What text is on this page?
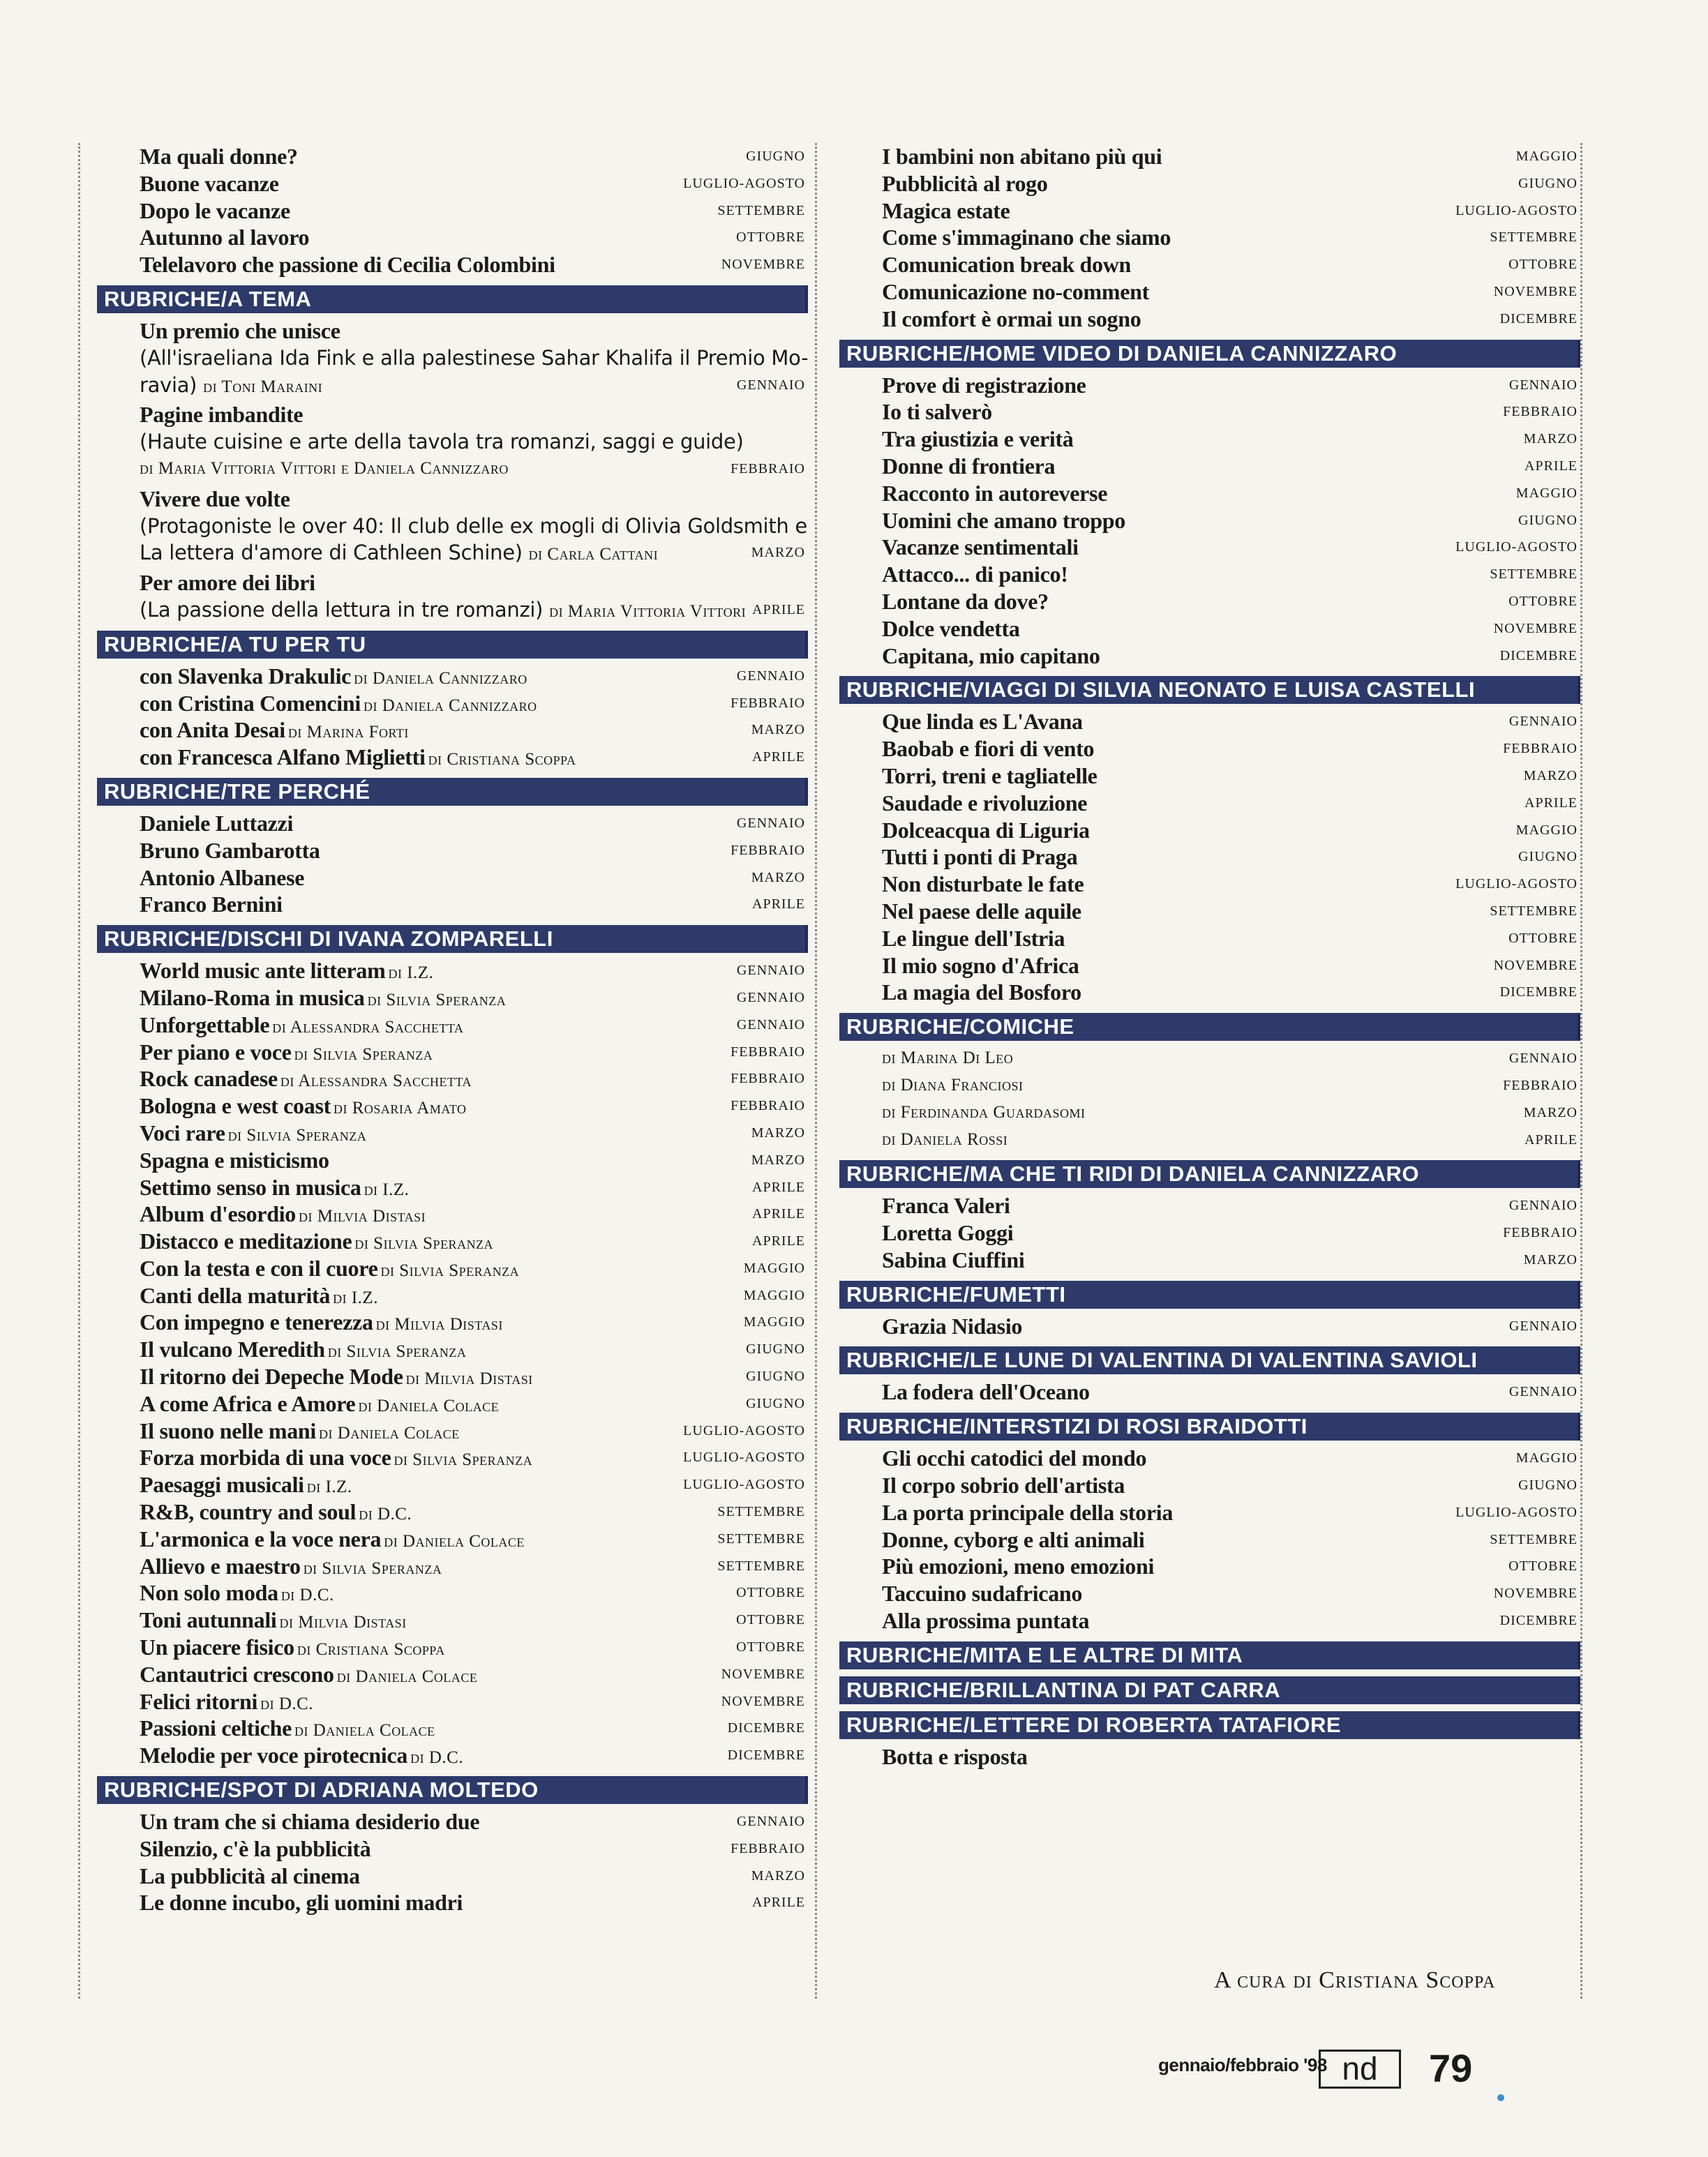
Ma quali donne?	GIUGNO
Buone vacanze	LUGLIO-AGOSTO
Dopo le vacanze	SETTEMBRE
Autunno al lavoro	OTTOBRE
Telelavoro che passione di Cecilia Colombini	NOVEMBRE
RUBRICHE/A TEMA
Un premio che unisce
(All'israeliana Ida Fink e alla palestinese Sahar Khalifa il Premio Mo-
ravia) di Toni Maraini	GENNAIO
Pagine imbandite
(Haute cuisine e arte della tavola tra romanzi, saggi e guide)
di Maria Vittoria Vittori e Daniela Cannizzaro	FEBBRAIO
Vivere due volte
(Protagoniste le over 40: Il club delle ex mogli di Olivia Goldsmith e
La lettera d'amore di Cathleen Schine) di Carla Cattani	MARZO
Per amore dei libri
(La passione della lettura in tre romanzi) di Maria Vittoria Vittori APRILE
RUBRICHE/A TU PER TU
con Slavenka Drakulic di Daniela Cannizzaro	GENNAIO
con Cristina Comencini di Daniela Cannizzaro	FEBBRAIO
con Anita Desai di Marina Forti	MARZO
con Francesca Alfano Miglietti di Cristiana Scoppa	APRILE
RUBRICHE/TRE PERCHÉ
Daniele Luttazzi	GENNAIO
Bruno Gambarotta	FEBBRAIO
Antonio Albanese	MARZO
Franco Bernini	APRILE
RUBRICHE/DISCHI DI IVANA ZOMPARELLI
World music ante litteram di I.Z.	GENNAIO
Milano-Roma in musica di Silvia Speranza	GENNAIO
Unforgettable di Alessandra Sacchetta	GENNAIO
Per piano e voce di Silvia Speranza	FEBBRAIO
Rock canadese di Alessandra Sacchetta	FEBBRAIO
Bologna e west coast di Rosaria Amato	FEBBRAIO
Voci rare di Silvia Speranza	MARZO
Spagna e misticismo	MARZO
Settimo senso in musica di I.Z.	APRILE
Album d'esordio di Milvia Distasi	APRILE
Distacco e meditazione di Silvia Speranza	APRILE
Con la testa e con il cuore di Silvia Speranza	MAGGIO
Canti della maturità di I.Z.	MAGGIO
Con impegno e tenerezza di Milvia Distasi	MAGGIO
Il vulcano Meredith di Silvia Speranza	GIUGNO
Il ritorno dei Depeche Mode di Milvia Distasi	GIUGNO
A come Africa e Amore di Daniela Colace	GIUGNO
Il suono nelle mani di Daniela Colace	LUGLIO-AGOSTO
Forza morbida di una voce di Silvia Speranza	LUGLIO-AGOSTO
Paesaggi musicali di I.Z.	LUGLIO-AGOSTO
R&B, country and soul di D.C.	SETTEMBRE
L'armonica e la voce nera di Daniela Colace	SETTEMBRE
Allievo e maestro di Silvia Speranza	SETTEMBRE
Non solo moda di D.C.	OTTOBRE
Toni autunnali di Milvia Distasi	OTTOBRE
Un piacere fisico di Cristiana Scoppa	OTTOBRE
Cantautrici crescono di Daniela Colace	NOVEMBRE
Felici ritorni di D.C.	NOVEMBRE
Passioni celtiche di Daniela Colace	DICEMBRE
Melodie per voce pirotecnica di D.C.	DICEMBRE
RUBRICHE/SPOT DI ADRIANA MOLTEDO
Un tram che si chiama desiderio due	GENNAIO
Silenzio, c'è la pubblicità	FEBBRAIO
La pubblicità al cinema	MARZO
Le donne incubo, gli uomini madri	APRILE
I bambini non abitano più qui	MAGGIO
Pubblicità al rogo	GIUGNO
Magica estate	LUGLIO-AGOSTO
Come s'immaginano che siamo	SETTEMBRE
Comunication break down	OTTOBRE
Comunicazione no-comment	NOVEMBRE
Il comfort è ormai un sogno	DICEMBRE
RUBRICHE/HOME VIDEO DI DANIELA CANNIZZARO
Prove di registrazione	GENNAIO
Io ti salverò	FEBBRAIO
Tra giustizia e verità	MARZO
Donne di frontiera	APRILE
Racconto in autoreverse	MAGGIO
Uomini che amano troppo	GIUGNO
Vacanze sentimentali	LUGLIO-AGOSTO
Attacco... di panico!	SETTEMBRE
Lontane da dove?	OTTOBRE
Dolce vendetta	NOVEMBRE
Capitana, mio capitano	DICEMBRE
RUBRICHE/VIAGGI DI SILVIA NEONATO E LUISA CASTELLI
Que linda es L'Avana	GENNAIO
Baobab e fiori di vento	FEBBRAIO
Torri, treni e tagliatelle	MARZO
Saudade e rivoluzione	APRILE
Dolceacqua di Liguria	MAGGIO
Tutti i ponti di Praga	GIUGNO
Non disturbate le fate	LUGLIO-AGOSTO
Nel paese delle aquile	SETTEMBRE
Le lingue dell'Istria	OTTOBRE
Il mio sogno d'Africa	NOVEMBRE
La magia del Bosforo	DICEMBRE
RUBRICHE/COMICHE
di Marina Di Leo	GENNAIO
di Diana Franciosi	FEBBRAIO
di Ferdinanda Guardasomi	MARZO
di Daniela Rossi	APRILE
RUBRICHE/MA CHE TI RIDI DI DANIELA CANNIZZARO
Franca Valeri	GENNAIO
Loretta Goggi	FEBBRAIO
Sabina Ciuffini	MARZO
RUBRICHE/FUMETTI
Grazia Nidasio	GENNAIO
RUBRICHE/LE LUNE DI VALENTINA DI VALENTINA SAVIOLI
La fodera dell'Oceano	GENNAIO
RUBRICHE/INTERSTIZI DI ROSI BRAIDOTTI
Gli occhi catodici del mondo	MAGGIO
Il corpo sobrio dell'artista	GIUGNO
La porta principale della storia	LUGLIO-AGOSTO
Donne, cyborg e alti animali	SETTEMBRE
Più emozioni, meno emozioni	OTTOBRE
Taccuino sudafricano	NOVEMBRE
Alla prossima puntata	DICEMBRE
RUBRICHE/MITA E LE ALTRE DI MITA
RUBRICHE/BRILLANTINA DI PAT CARRA
RUBRICHE/LETTERE DI ROBERTA TATAFIORE
Botta e risposta
A cura di Cristiana Scoppa
gennaio/febbraio '98 nd	79
